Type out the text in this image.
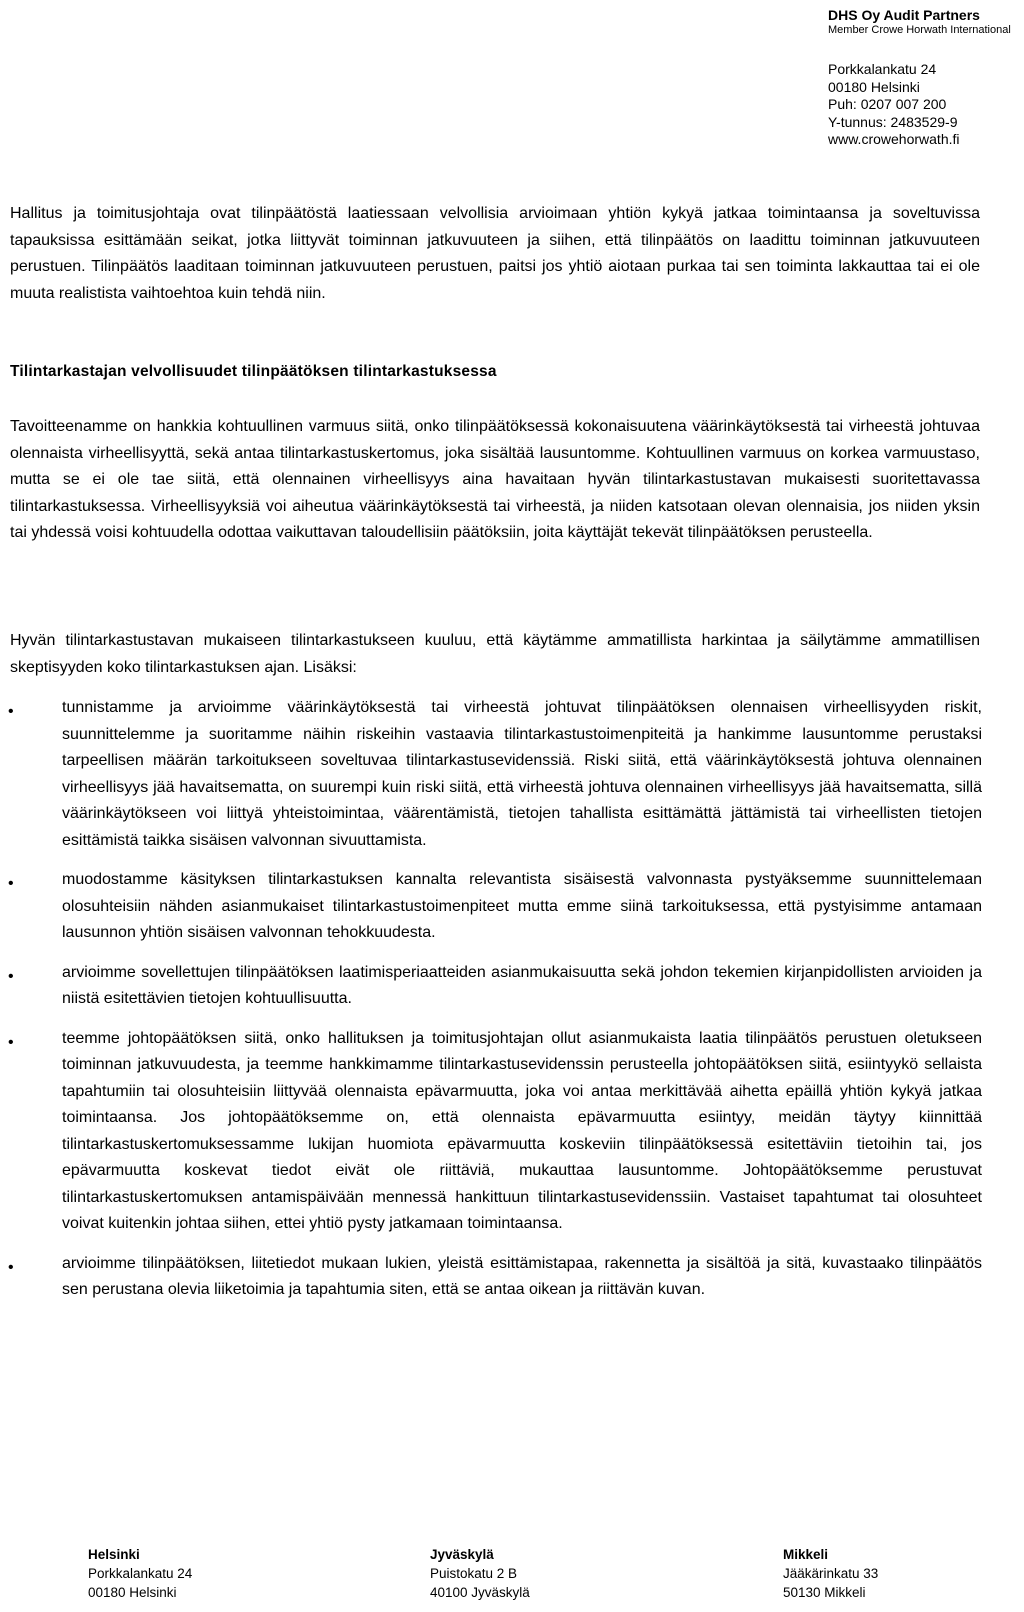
DHS Oy Audit Partners
Member Crowe Horwath International
Porkkalankatu 24
00180 Helsinki
Puh: 0207 007 200
Y-tunnus: 2483529-9
www.crowehorwath.fi
Hallitus ja toimitusjohtaja ovat tilinpäätöstä laatiessaan velvollisia arvioimaan yhtiön kykyä jatkaa toimintaansa ja soveltuvissa tapauksissa esittämään seikat, jotka liittyvät toiminnan jatkuvuuteen ja siihen, että tilinpäätös on laadittu toiminnan jatkuvuuteen perustuen. Tilinpäätös laaditaan toiminnan jatkuvuuteen perustuen, paitsi jos yhtiö aiotaan purkaa tai sen toiminta lakkauttaa tai ei ole muuta realistista vaihtoehtoa kuin tehdä niin.
Tilintarkastajan velvollisuudet tilinpäätöksen tilintarkastuksessa
Tavoitteenamme on hankkia kohtuullinen varmuus siitä, onko tilinpäätöksessä kokonaisuutena väärinkäytöksestä tai virheestä johtuvaa olennaista virheellisyyttä, sekä antaa tilintarkastuskertomus, joka sisältää lausuntomme. Kohtuullinen varmuus on korkea varmuustaso, mutta se ei ole tae siitä, että olennainen virheellisyys aina havaitaan hyvän tilintarkastustavan mukaisesti suoritettavassa tilintarkastuksessa. Virheellisyyksiä voi aiheutua väärinkäytöksestä tai virheestä, ja niiden katsotaan olevan olennaisia, jos niiden yksin tai yhdessä voisi kohtuudella odottaa vaikuttavan taloudellisiin päätöksiin, joita käyttäjät tekevät tilinpäätöksen perusteella.
Hyvän tilintarkastustavan mukaiseen tilintarkastukseen kuuluu, että käytämme ammatillista harkintaa ja säilytämme ammatillisen skeptisyyden koko tilintarkastuksen ajan. Lisäksi:
•	tunnistamme ja arvioimme väärinkäytöksestä tai virheestä johtuvat tilinpäätöksen olennaisen virheellisyyden riskit, suunnittelemme ja suoritamme näihin riskeihin vastaavia tilintarkastustoimenpiteitä ja hankimme lausuntomme perustaksi tarpeellisen määrän tarkoitukseen soveltuvaa tilintarkastusevidenssiä. Riski siitä, että väärinkäytöksestä johtuva olennainen virheellisyys jää havaitsematta, on suurempi kuin riski siitä, että virheestä johtuva olennainen virheellisyys jää havaitsematta, sillä väärinkäytökseen voi liittyä yhteistoimintaa, väärentämistä, tietojen tahallista esittämättä jättämistä tai virheellisten tietojen esittämistä taikka sisäisen valvonnan sivuuttamista.
•	muodostamme käsityksen tilintarkastuksen kannalta relevantista sisäisestä valvonnasta pystyäksemme suunnittelemaan olosuhteisiin nähden asianmukaiset tilintarkastustoimenpiteet mutta emme siinä tarkoituksessa, että pystyisimme antamaan lausunnon yhtiön sisäisen valvonnan tehokkuudesta.
•	arvioimme sovellettujen tilinpäätöksen laatimisperiaatteiden asianmukaisuutta sekä johdon tekemien kirjanpidollisten arvioiden ja niistä esitettävien tietojen kohtuullisuutta.
•	teemme johtopäätöksen siitä, onko hallituksen ja toimitusjohtajan ollut asianmukaista laatia tilinpäätös perustuen oletukseen toiminnan jatkuvuudesta, ja teemme hankkimamme tilintarkastusevidenssin perusteella johtopäätöksen siitä, esiintyykö sellaista tapahtumiin tai olosuhteisiin liittyvää olennaista epävarmuutta, joka voi antaa merkittävää aihetta epäillä yhtiön kykyä jatkaa toimintaansa. Jos johtopäätöksemme on, että olennaista epävarmuutta esiintyy, meidän täytyy kiinnittää tilintarkastuskertomuksessamme lukijan huomiota epävarmuutta koskeviin tilinpäätöksessä esitettäviin tietoihin tai, jos epävarmuutta koskevat tiedot eivät ole riittäviä, mukauttaa lausuntomme. Johtopäätöksemme perustuvat tilintarkastuskertomuksen antamispäivään mennessä hankittuun tilintarkastusevidenssiin. Vastaiset tapahtumat tai olosuhteet voivat kuitenkin johtaa siihen, ettei yhtiö pysty jatkamaan toimintaansa.
•	arvioimme tilinpäätöksen, liitetiedot mukaan lukien, yleistä esittämistapaa, rakennetta ja sisältöä ja sitä, kuvastaako tilinpäätös sen perustana olevia liiketoimia ja tapahtumia siten, että se antaa oikean ja riittävän kuvan.
Helsinki
Porkkalankatu 24
00180 Helsinki
Jyväskylä
Puistokatu 2 B
40100 Jyväskylä
Mikkeli
Jääkärinkatu 33
50130 Mikkeli
